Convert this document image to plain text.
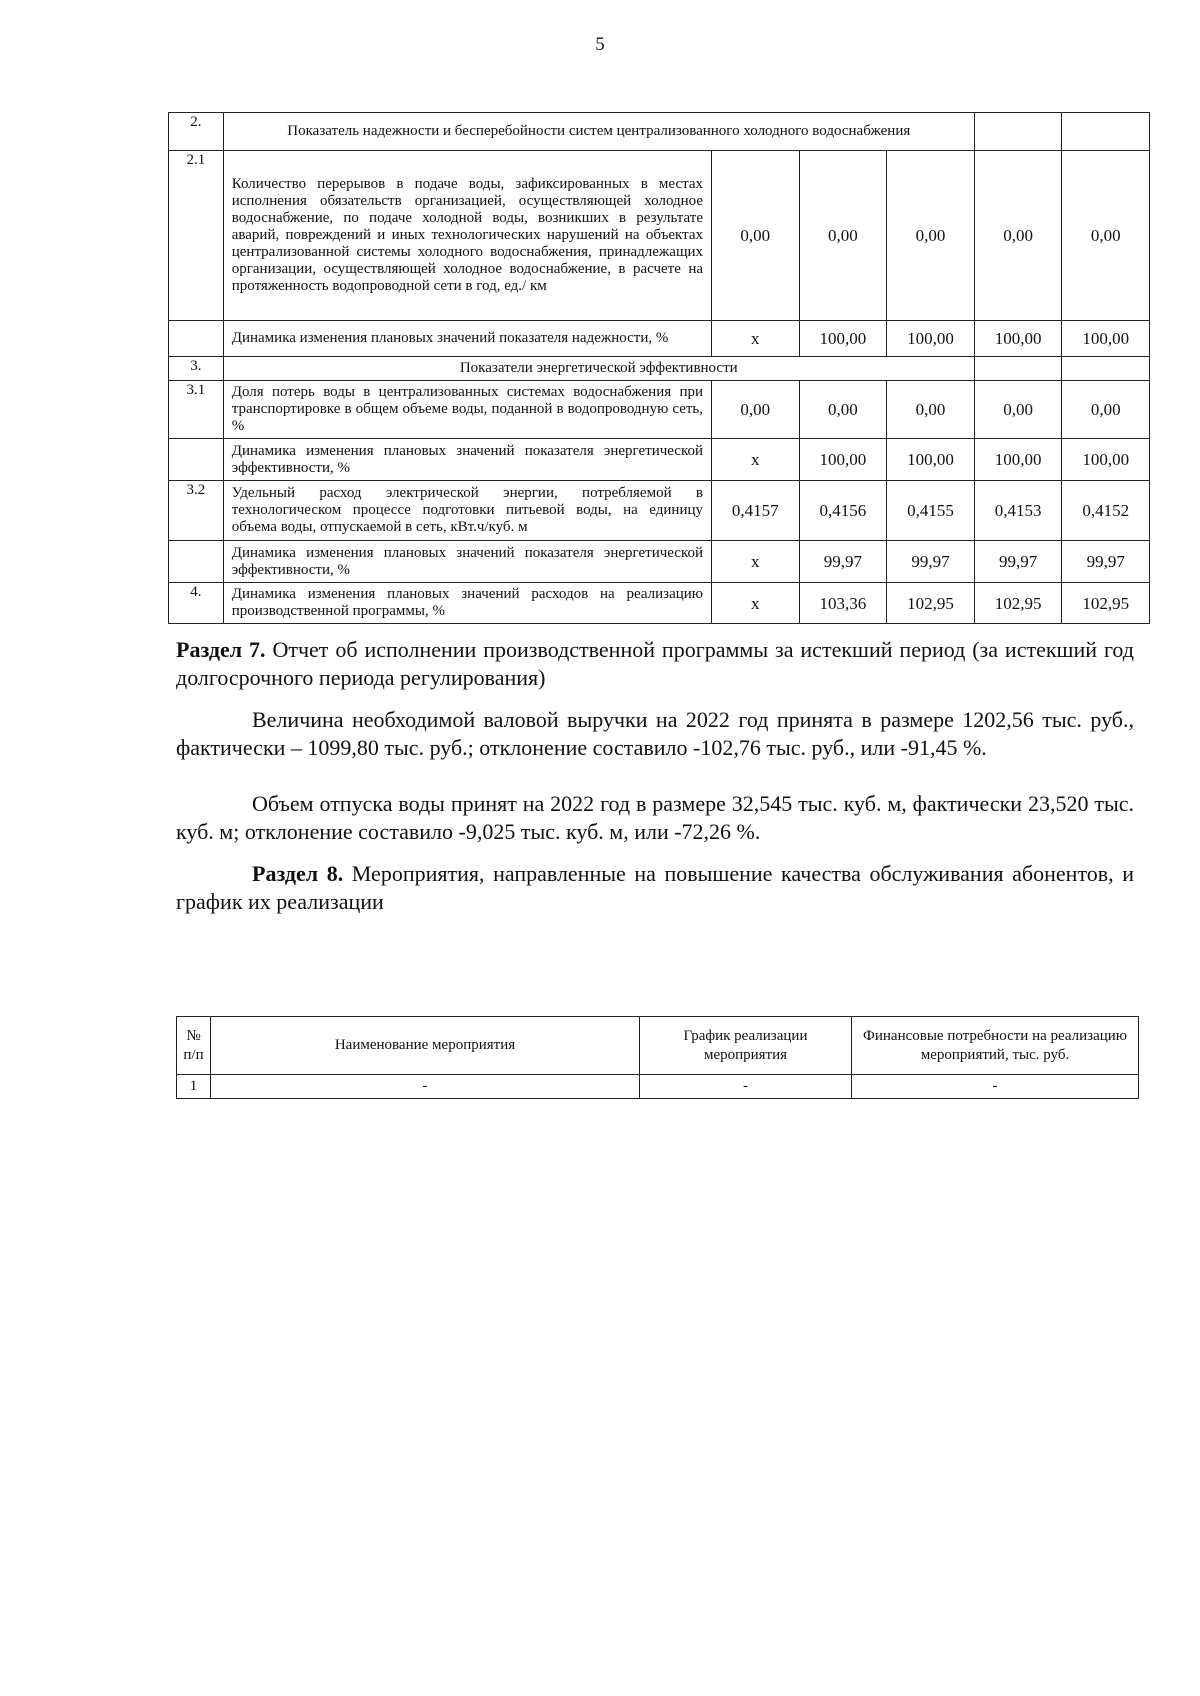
5
2.	Показатель надежности и бесперебойности систем централизованного холодного водоснабжения					
2.1	Количество перерывов в подаче воды, зафиксированных в местах исполнения обязательств организацией, осуществляющей холодное водоснабжение, по подаче холодной воды, возникших в результате аварий, повреждений и иных технологических нарушений на объектах централизованной системы холодного водоснабжения, принадлежащих организации, осуществляющей холодное водоснабжение, в расчете на протяженность водопроводной сети в год, ед./ км	0,00	0,00	0,00	0,00	0,00
	Динамика изменения плановых значений показателя надежности, %	х	100,00	100,00	100,00	100,00
3.	Показатели энергетической эффективности					
3.1	Доля потерь воды в централизованных системах водоснабжения при транспортировке в общем объеме воды, поданной в водопроводную сеть, %	0,00	0,00	0,00	0,00	0,00
	Динамика изменения плановых значений показателя энергетической эффективности, %	х	100,00	100,00	100,00	100,00
3.2	Удельный расход электрической энергии, потребляемой в технологическом процессе подготовки питьевой воды, на единицу объема воды, отпускаемой в сеть, кВт.ч/куб. м	0,4157	0,4156	0,4155	0,4153	0,4152
	Динамика изменения плановых значений показателя энергетической эффективности, %	х	99,97	99,97	99,97	99,97
4.	Динамика изменения плановых значений расходов на реализацию производственной программы, %	х	103,36	102,95	102,95	102,95
Раздел 7. Отчет об исполнении производственной программы за истекший период (за истекший год долгосрочного периода регулирования)
Величина необходимой валовой выручки на 2022 год принята в размере 1202,56 тыс. руб., фактически – 1099,80 тыс. руб.; отклонение составило -102,76 тыс. руб., или -91,45 %.
Объем отпуска воды принят на 2022 год в размере 32,545 тыс. куб. м, фактически 23,520 тыс. куб. м; отклонение составило -9,025 тыс. куб. м, или -72,26 %.
Раздел 8. Мероприятия, направленные на повышение качества обслуживания абонентов, и график их реализации
№ п/п	Наименование мероприятия	График реализации мероприятия	Финансовые потребности на реализацию мероприятий, тыс. руб.
1	-	-	-
